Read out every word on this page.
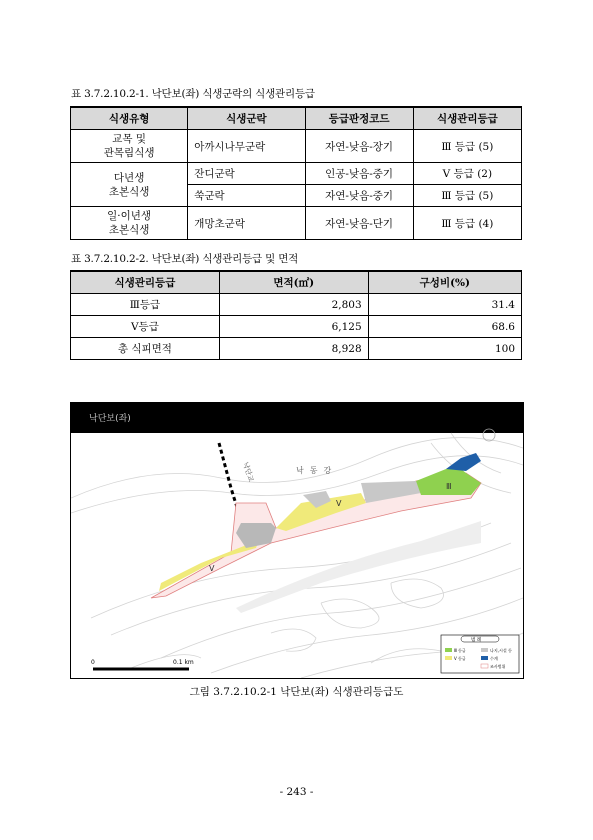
표 3.7.2.10.2-1. 낙단보(좌) 식생군락의 식생관리등급
식생유형	식생군락	등급판정코드	식생관리등급

교목 및
관목림식생	아까시나무군락	자연-낮음-장기	Ⅲ 등급 (5)

다년생
초본식생	잔디군락	인공-낮음-중기	Ⅴ 등급 (2)
	쑥군락	자연-낮음-중기	Ⅲ 등급 (5)

일·이년생
초본식생	개망초군락	자연-낮음-단기	Ⅲ 등급 (4)
표 3.7.2.10.2-2. 낙단보(좌) 식생관리등급 및 면적
식생관리등급	면적(㎡)	구성비(%)
Ⅲ등급	2,803	31.4
Ⅴ등급	6,125	68.6
총 식피면적	8,928	100
낙단보(좌)
Ⅴ
Ⅴ
Ⅲ
낙동강
낙단교
0	0.1 km
범 례
Ⅲ 등급	나지,시설 등
Ⅴ 등급	수계
조사범위
그림 3.7.2.10.2-1 낙단보(좌) 식생관리등급도
- 243 -
